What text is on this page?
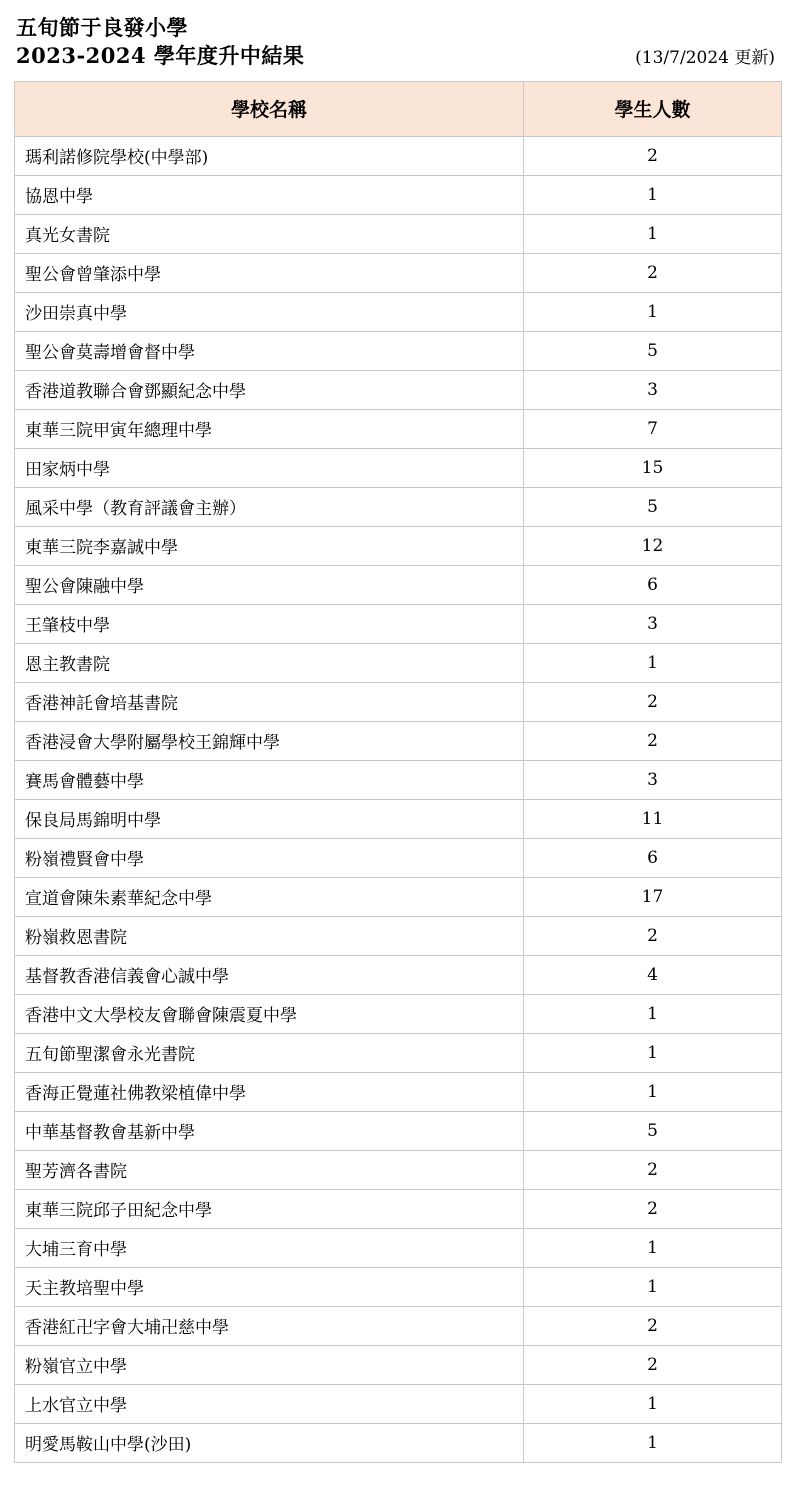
五旬節于良發小學
2023-2024 學年度升中結果	(13/7/2024 更新)
學校名稱	學生人數
瑪利諾修院學校(中學部)	2
協恩中學	1
真光女書院	1
聖公會曾肇添中學	2
沙田崇真中學	1
聖公會莫壽增會督中學	5
香港道教聯合會鄧顯紀念中學	3
東華三院甲寅年總理中學	7
田家炳中學	15
風采中學（教育評議會主辦）	5
東華三院李嘉誠中學	12
聖公會陳融中學	6
王肇枝中學	3
恩主教書院	1
香港神託會培基書院	2
香港浸會大學附屬學校王錦輝中學	2
賽馬會體藝中學	3
保良局馬錦明中學	11
粉嶺禮賢會中學	6
宣道會陳朱素華紀念中學	17
粉嶺救恩書院	2
基督教香港信義會心誠中學	4
香港中文大學校友會聯會陳震夏中學	1
五旬節聖潔會永光書院	1
香海正覺蓮社佛教梁植偉中學	1
中華基督教會基新中學	5
聖芳濟各書院	2
東華三院邱子田紀念中學	2
大埔三育中學	1
天主教培聖中學	1
香港紅卍字會大埔卍慈中學	2
粉嶺官立中學	2
上水官立中學	1
明愛馬鞍山中學(沙田)	1
